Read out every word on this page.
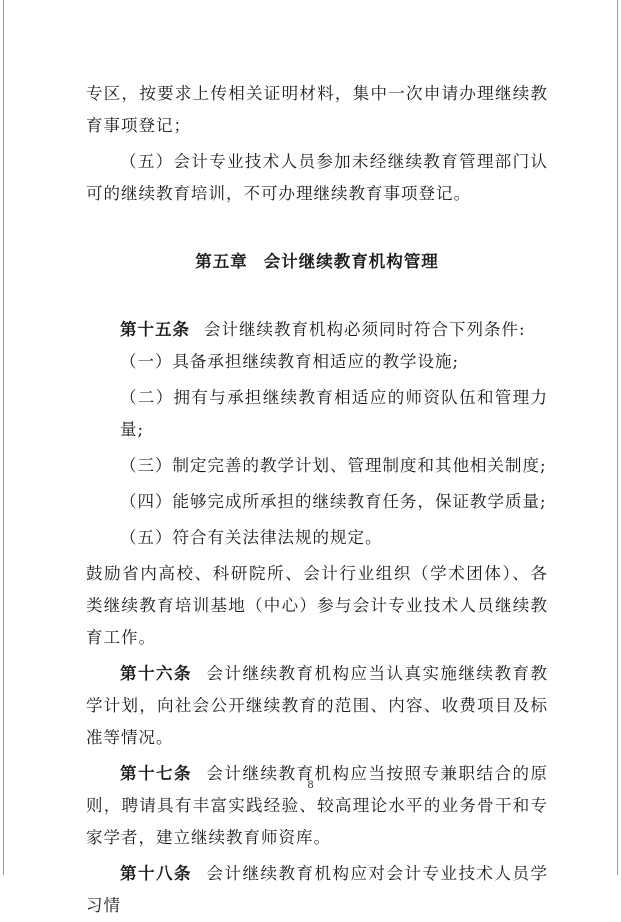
专区，按要求上传相关证明材料，集中一次申请办理继续教育事项登记；

（五）会计专业技术人员参加未经继续教育管理部门认可的继续教育培训，不可办理继续教育事项登记。

第五章 会计继续教育机构管理

第十五条 会计继续教育机构必须同时符合下列条件:

（一）具备承担继续教育相适应的教学设施;

（二）拥有与承担继续教育相适应的师资队伍和管理力量;

（三）制定完善的教学计划、管理制度和其他相关制度;

（四）能够完成所承担的继续教育任务，保证教学质量;

（五）符合有关法律法规的规定。

鼓励省内高校、科研院所、会计行业组织（学术团体）、各类继续教育培训基地（中心）参与会计专业技术人员继续教育工作。

第十六条 会计继续教育机构应当认真实施继续教育教学计划，向社会公开继续教育的范围、内容、收费项目及标准等情况。

第十七条 会计继续教育机构应当按照专兼职结合的原则，聘请具有丰富实践经验、较高理论水平的业务骨干和专家学者，建立继续教育师资库。

第十八条 会计继续教育机构应对会计专业技术人员学习情

8
